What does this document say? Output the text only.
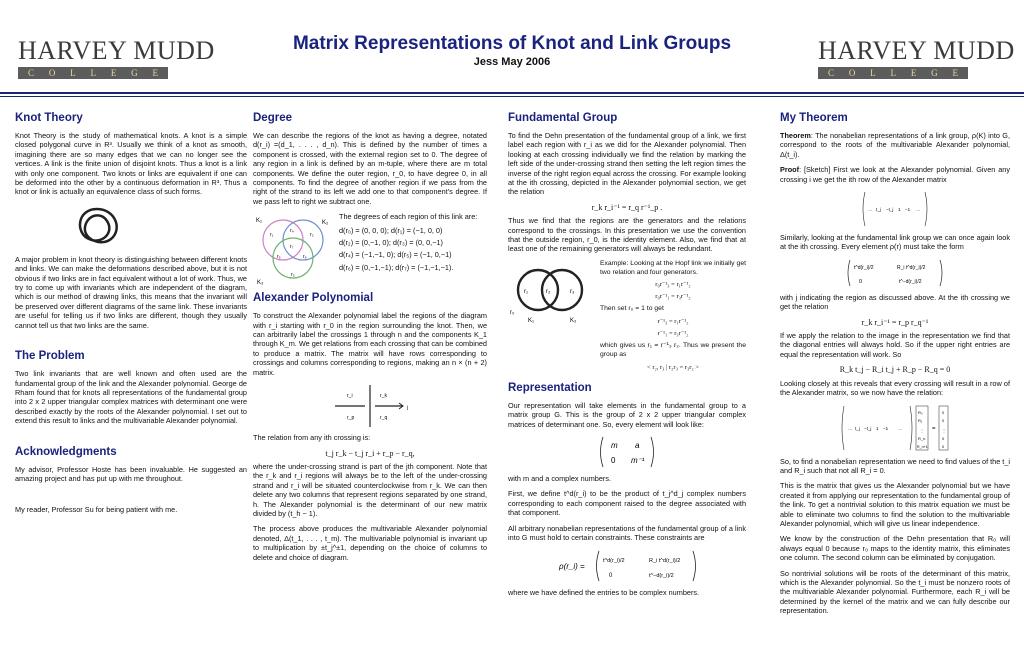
HARVEY MUDD
C O L L E G E
HARVEY MUDD
C O L L E G E
Matrix Representations of Knot and Link Groups
Jess May 2006
Knot Theory

Knot Theory is the study of mathematical knots. A knot is a simple closed polygonal curve in R³. Usually we think of a knot as smooth, imagining there are so many edges that we can no longer see the vertices. A link is the finite union of disjoint knots. Thus a knot is a link with only one component. Two knots or links are equivalent if one can be deformed into the other by a continuous deformation in R³. Thus a knot or link is actually an equivalence class of such forms.

A major problem in knot theory is distinguishing between different knots and links. We can make the deformations described above, but it is not obvious if two links are in fact equivalent without a lot of work. Thus, we try to come up with invariants which are independent of the diagram, which is our method of drawing links, this means that the invariant will be preserved over different diagrams of the same link. These invariants are useful for telling us if two links are different, though they usually cannot tell us that two links are the same.

The Problem

Two link invariants that are well known and often used are the fundamental group of the link and the Alexander polynomial. George de Rham found that for knots all representations of the fundamental group into 2 x 2 upper triangular complex matrices with determinant one were described exactly by the roots of the Alexander polynomial. I set out to extend this result to links and the multivariable Alexander polynomial.

Acknowledgments

My advisor, Professor Hoste has been invaluable. He suggested an amazing project and has put up with me throughout.

My reader, Professor Su for being patient with me.

Degree

We can describe the regions of the knot as having a degree, notated d(r_i) =(d_1, . . . , d_n). This is defined by the number of times a component is crossed, with the external region set to 0. The degree of any region in a link is defined by an m-tuple, where there are m total components. We define the outer region, r_0, to have degree 0, in all components. To find the degree of another region if we pass from the right of the strand to its left we add one to that component's degree. If we pass left to right we subtract one.

K₁	K₂
K₃
r₁	r₂
r₃
r₄
r₅	r₆
r₇

The degrees of each region of this link are:

d(r₀) = (0, 0, 0); d(r₁) = (−1, 0, 0)

d(r₂) = (0,−1, 0); d(r₃) = (0, 0,−1)

d(r₄) = (−1,−1, 0); d(r₅) = (−1, 0,−1)

d(r₆) = (0,−1,−1); d(r₇) = (−1,−1,−1).

Alexander Polynomial

To construct the Alexander polynomial label the regions of the diagram with r_i starting with r_0 in the region surrounding the knot. Then, we can arbitrarily label the crossings 1 through n and the components K_1 through K_m. We get relations from each crossing that can be combined to produce a matrix. The matrix will have rows corresponding to crossings and columns corresponding to regions, making an n × (n + 2) matrix.

r_i	r_k
r_p	r_q
j

The relation from any ith crossing is:

t_j r_k − t_j r_i + r_p − r_q,

where the under-crossing strand is part of the jth component. Note that the r_k and r_i regions will always be to the left of the under-crossing strand and r_i will be situated counterclockwise from r_k. We can then delete any two columns that represent regions separated by one strand, h. The Alexander polynomial is the determinant of our new matrix divided by (t_h − 1).

The process above produces the multivariable Alexander polynomial denoted, Δ(t_1, . . . , t_m). The multivariable polynomial is invariant up to multiplication by ±t_j^±1, depending on the choice of columns to delete and choice of diagram.

Fundamental Group

To find the Dehn presentation of the fundamental group of a link, we first label each region with r_i as we did for the Alexander polynomial. Then looking at each crossing individually we find the relation by marking the left side of the under-crossing strand then setting the left region times the inverse of the right region equal across the crossing. For example looking at the ith crossing, depicted in the Alexander polynomial section, we get the relation

r_k r_i⁻¹ = r_q r⁻¹_p .

Thus we find that the regions are the generators and the relations correspond to the crossings. In this presentation we use the convention that the outside region, r_0, is the identity element. Also, we find that at least one of the remaining generators will always be redundant.

r₁	r₂	r₃
r₀
K₁	K₂

Example: Looking at the Hopf link we initially get two relation and four generators.

r₀r⁻¹₃ = r₁r⁻¹₂
r₀r⁻¹₁ = r₃r⁻¹₂

Then set r₀ = 1 to get

r⁻¹₃ = r₁r⁻¹₂
r⁻¹₁ = r₃r⁻¹₂

which gives us r₁ = r⁻¹₃ r₂. Thus we present the group as

< r₂, r₃ | r₂r₃ = r₃r₂ >
Representation

Our representation will take elements in the fundamental group to a matrix group G. This is the group of 2 x 2 upper triangular complex matrices of determinant one. So, every element will look like:

m a
0 m⁻¹

with m and a complex numbers.

First, we define t^d(r_i) to be the product of t_j^d_j complex numbers corresponding to each component raised to the degree associated with that component.

All arbitrary nonabelian representations of the fundamental group of a link into G must hold to certain constraints. These constraints are

ρ(r_i) =
t^d(r_i)/2	R_i t^d(r_i)/2
0	t^−d(r_i)/2

where we have defined the entries to be complex numbers.

My Theorem

Theorem: The nonabelian representations of a link group, ρ(K) into G, correspond to the roots of the multivariable Alexander polynomial, Δ(t_i).

Proof: [Sketch] First we look at the Alexander polynomial. Given any crossing i we get the ith row of the Alexander matrix

… t_j −t_j 1 −1 …

Similarly, looking at the fundamental link group we can once again look at the ith crossing. Every element ρ(r) must take the form

t^d(r_i)/2	R_i t^d(r_i)/2
0	t^−d(r_i)/2

with j indicating the region as discussed above. At the ith crossing we get the relation

r_k r_i⁻¹ = r_p r_q⁻¹

If we apply the relation to the image in the representation we find that the diagonal entries will always hold. So if the upper right entries are equal the representation will work. So

R_k t_j − R_i t_j + R_p − R_q = 0

Looking closely at this reveals that every crossing will result in a row of the Alexander matrix, so we now have the relation:

… t_j −t_j 1 −1 …
R₀
R₁
⋮
R_n
R_n+1
=
0
0
⋮
0
0

So, to find a nonabelian representation we need to find values of the t_i and R_i such that not all R_i = 0.

This is the matrix that gives us the Alexander polynomial but we have created it from applying our representation to the fundamental group of the link. To get a nontrivial solution to this matrix equation we must be able to eliminate two columns to find the solution to the multivariable Alexander polynomial, which will give us linear independence.

We know by the construction of the Dehn presentation that R₀ will always equal 0 because r₀ maps to the identity matrix, this eliminates one column. The second column can be eliminated by conjugation.

So nontrivial solutions will be roots of the determinant of this matrix, which is the Alexander polynomial. So the t_i must be nonzero roots of the multivariable Alexander polynomial. Furthermore, each R_i will be determined by the kernel of the matrix and we can fully describe our representation.
